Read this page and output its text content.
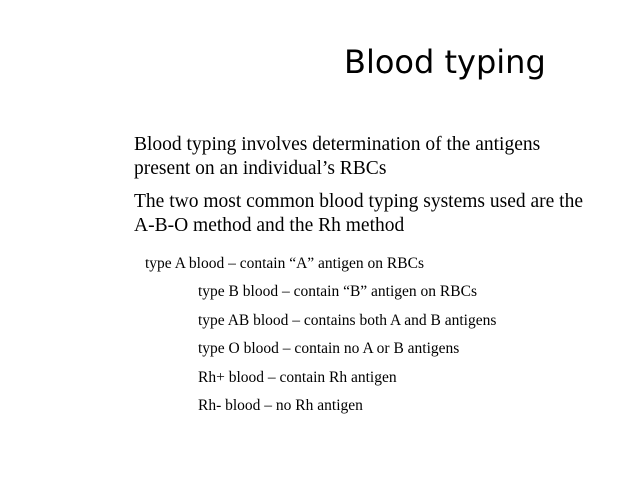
Blood typing
Blood typing involves determination of the antigens
present on an individual’s RBCs
The two most common blood typing systems used are the
A-B-O method and the Rh method
type A blood – contain “A” antigen on RBCs
type B blood – contain “B” antigen on RBCs
type AB blood – contains both A and B antigens
type O blood – contain no A or B antigens
Rh+ blood – contain Rh antigen
Rh- blood – no Rh antigen
